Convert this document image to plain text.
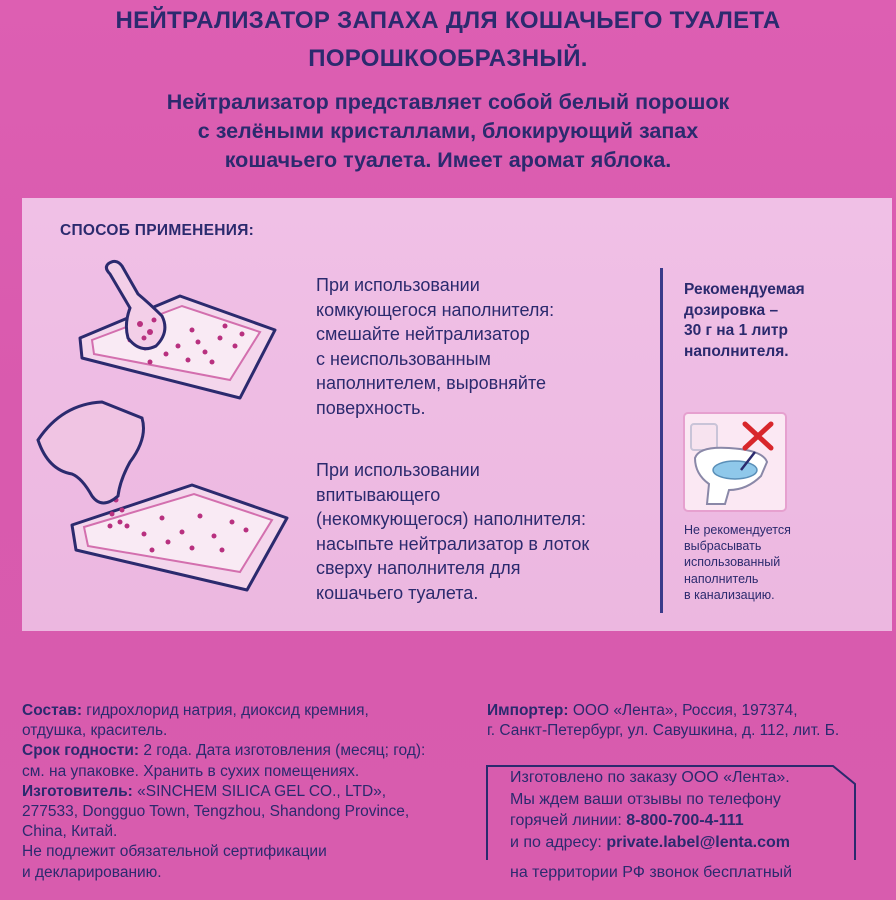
НЕЙТРАЛИЗАТОР ЗАПАХА ДЛЯ КОШАЧЬЕГО ТУАЛЕТА
ПОРОШКООБРАЗНЫЙ.
Нейтрализатор представляет собой белый порошок
с зелёными кристаллами, блокирующий запах
кошачьего туалета. Имеет аромат яблока.
СПОСОБ ПРИМЕНЕНИЯ:
При использовании
комкующегося наполнителя:
смешайте нейтрализатор
с неиспользованным
наполнителем, выровняйте
поверхность.
При использовании
впитывающего
(некомкующегося) наполнителя:
насыпьте нейтрализатор в лоток
сверху наполнителя для
кошачьего туалета.
Рекомендуемая
дозировка –
30 г на 1 литр
наполнителя.
Не рекомендуется
выбрасывать
использованный
наполнитель
в канализацию.
Состав: гидрохлорид натрия, диоксид кремния,
отдушка, краситель.
Срок годности: 2 года. Дата изготовления (месяц; год):
см. на упаковке. Хранить в сухих помещениях.
Изготовитель: «SINCHEM SILICA GEL CO., LTD»,
277533, Dongguo Town, Tengzhou, Shandong Province,
China, Китай.
Не подлежит обязательной сертификации
и декларированию.
Импортер: ООО «Лента», Россия, 197374,
г. Санкт-Петербург, ул. Савушкина, д. 112, лит. Б.
Изготовлено по заказу ООО «Лента».
Мы ждем ваши отзывы по телефону
горячей линии: 8-800-700-4-111
и по адресу: private.label@lenta.com
на территории РФ звонок бесплатный
